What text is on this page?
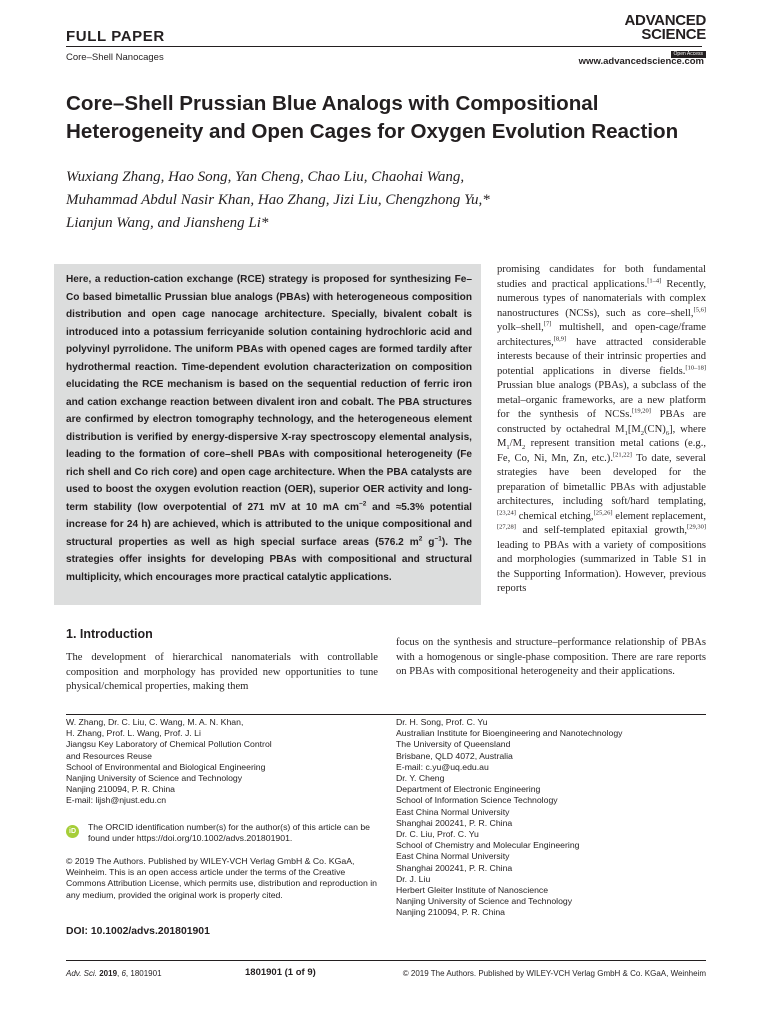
FULL PAPER
Core–Shell Nanocages
ADVANCED
SCIENCE
Open Access
www.advancedscience.com
Core–Shell Prussian Blue Analogs with Compositional Heterogeneity and Open Cages for Oxygen Evolution Reaction
Wuxiang Zhang, Hao Song, Yan Cheng, Chao Liu, Chaohai Wang,
Muhammad Abdul Nasir Khan, Hao Zhang, Jizi Liu, Chengzhong Yu,*
Lianjun Wang, and Jiansheng Li*
Here, a reduction-cation exchange (RCE) strategy is proposed for synthesizing Fe–Co based bimetallic Prussian blue analogs (PBAs) with heterogeneous composition distribution and open cage nanocage architecture. Specially, bivalent cobalt is introduced into a potassium ferricyanide solution containing hydrochloric acid and polyvinyl pyrrolidone. The uniform PBAs with opened cages are formed tardily after hydrothermal reaction. Time-dependent evolution characterization on composition elucidating the RCE mechanism is based on the sequential reduction of ferric iron and cation exchange reaction between divalent iron and cobalt. The PBA structures are confirmed by electron tomography technology, and the heterogeneous element distribution is verified by energy-dispersive X-ray spectroscopy elemental analysis, leading to the formation of core–shell PBAs with compositional heterogeneity (Fe rich shell and Co rich core) and open cage architecture. When the PBA catalysts are used to boost the oxygen evolution reaction (OER), superior OER activity and long-term stability (low overpotential of 271 mV at 10 mA $cm^{-2}$ and ≈5.3% potential increase for 24 h) are achieved, which is attributed to the unique compositional and structural properties as well as high special surface areas (576.2 $m^2$ $g^{-1}$). The strategies offer insights for developing PBAs with compositional and structural multiplicity, which encourages more practical catalytic applications.
promising candidates for both fundamental studies and practical applications.[1–4] Recently, numerous types of nanomaterials with complex nanostructures (NCSs), such as core–shell,[5,6] yolk–shell,[7] multishell, and open-cage/frame architectures,[8,9] have attracted considerable interests because of their intrinsic properties and potential applications in diverse fields.[10–18] Prussian blue analogs (PBAs), a subclass of the metal–organic frameworks, are a new platform for the synthesis of NCSs.[19,20] PBAs are constructed by octahedral $M_1[M_2(CN)_6]$, where $M_1/M_2$ represent transition metal cations (e.g., Fe, Co, Ni, Mn, Zn, etc.).[21,22] To date, several strategies have been developed for the preparation of bimetallic PBAs with adjustable architectures, including soft/hard templating,[23,24] chemical etching,[25,26] element replacement,[27,28] and self-templated epitaxial growth,[29,30] leading to PBAs with a variety of compositions and morphologies (summarized in Table S1 in the Supporting Information). However, previous reports
1. Introduction
The development of hierarchical nanomaterials with controllable composition and morphology has provided new opportunities to tune physical/chemical properties, making them
focus on the synthesis and structure–performance relationship of PBAs with a homogenous or single-phase composition. There are rare reports on PBAs with compositional heterogeneity and their applications.
W. Zhang, Dr. C. Liu, C. Wang, M. A. N. Khan,
H. Zhang, Prof. L. Wang, Prof. J. Li
Jiangsu Key Laboratory of Chemical Pollution Control
and Resources Reuse
School of Environmental and Biological Engineering
Nanjing University of Science and Technology
Nanjing 210094, P. R. China
E-mail: lijsh@njust.edu.cn
iD	The ORCID identification number(s) for the author(s) of this article can be found under https://doi.org/10.1002/advs.201801901.
© 2019 The Authors. Published by WILEY-VCH Verlag GmbH & Co. KGaA, Weinheim. This is an open access article under the terms of the Creative Commons Attribution License, which permits use, distribution and reproduction in any medium, provided the original work is properly cited.
DOI: 10.1002/advs.201801901
Dr. H. Song, Prof. C. Yu
Australian Institute for Bioengineering and Nanotechnology
The University of Queensland
Brisbane, QLD 4072, Australia
E-mail: c.yu@uq.edu.au
Dr. Y. Cheng
Department of Electronic Engineering
School of Information Science Technology
East China Normal University
Shanghai 200241, P. R. China
Dr. C. Liu, Prof. C. Yu
School of Chemistry and Molecular Engineering
East China Normal University
Shanghai 200241, P. R. China
Dr. J. Liu
Herbert Gleiter Institute of Nanoscience
Nanjing University of Science and Technology
Nanjing 210094, P. R. China
Adv. Sci. 2019, 6, 1801901	1801901 (1 of 9)	© 2019 The Authors. Published by WILEY-VCH Verlag GmbH & Co. KGaA, Weinheim
